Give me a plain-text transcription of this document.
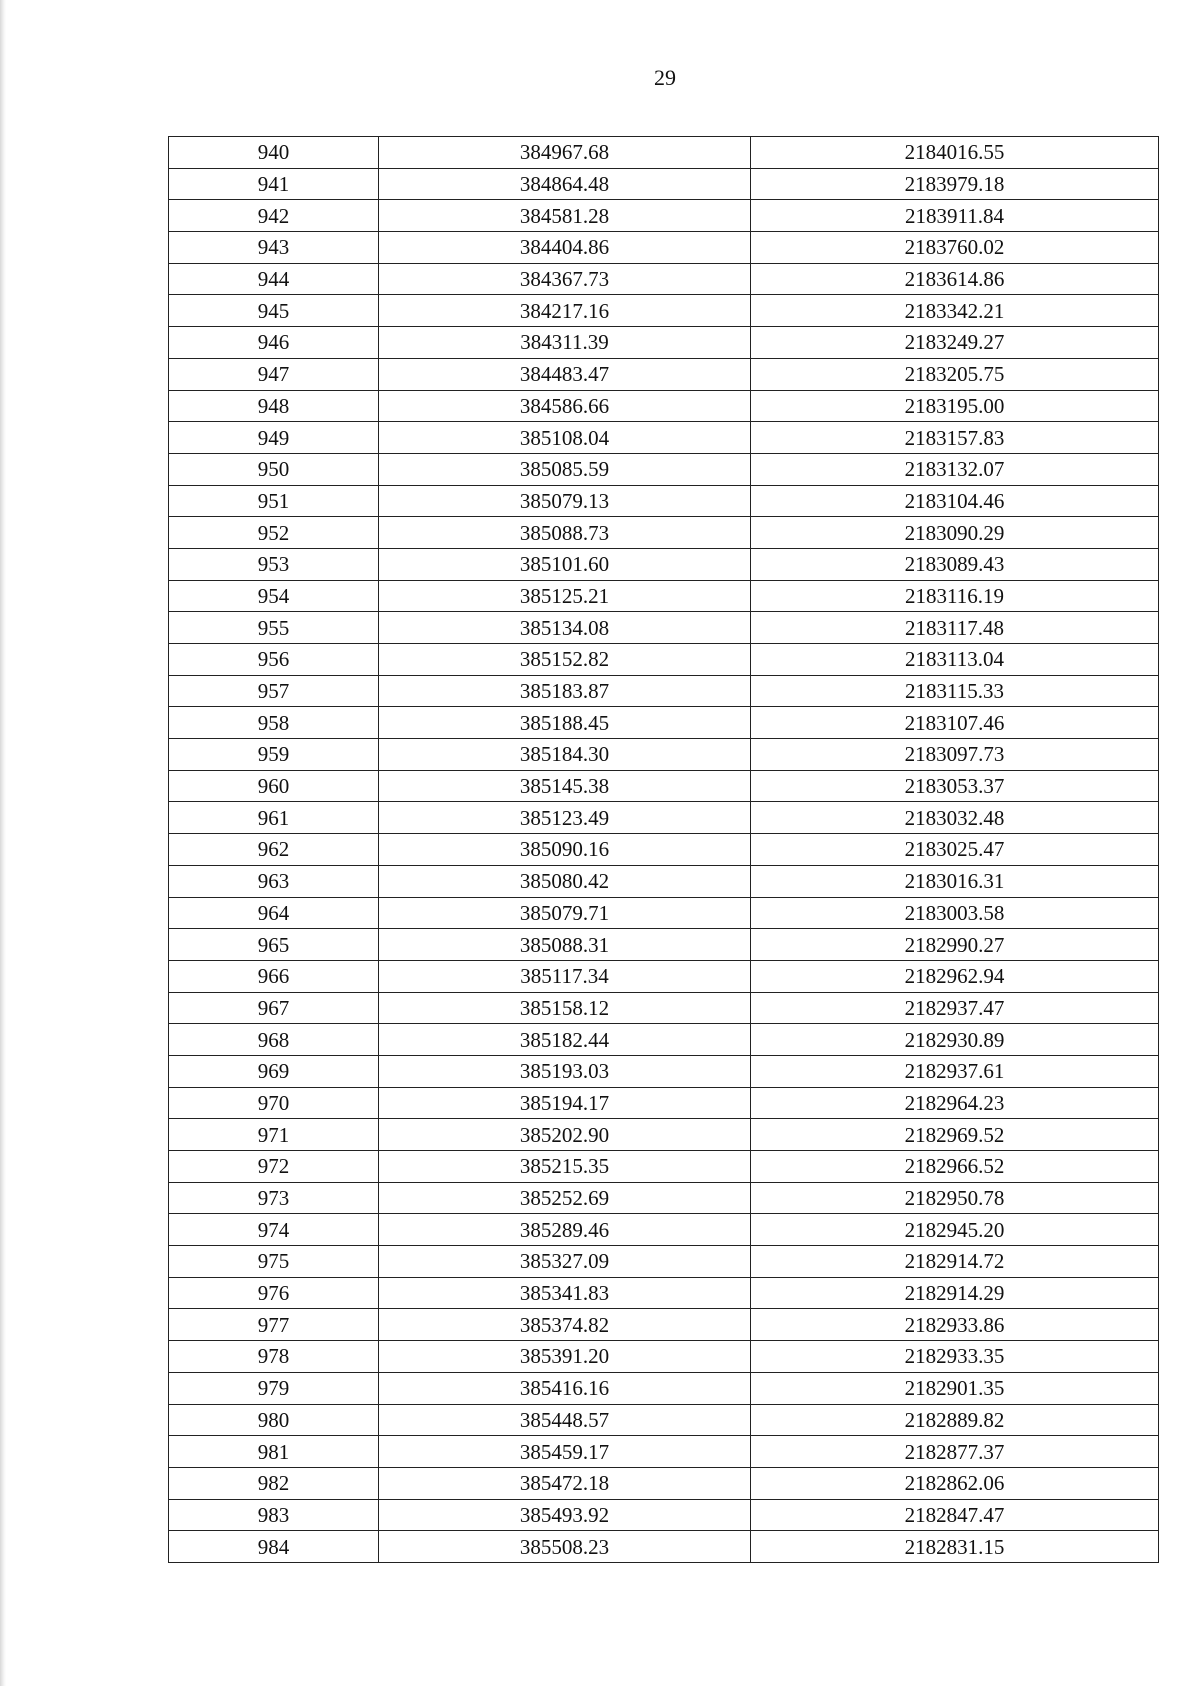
29
940	384967.68	2184016.55
941	384864.48	2183979.18
942	384581.28	2183911.84
943	384404.86	2183760.02
944	384367.73	2183614.86
945	384217.16	2183342.21
946	384311.39	2183249.27
947	384483.47	2183205.75
948	384586.66	2183195.00
949	385108.04	2183157.83
950	385085.59	2183132.07
951	385079.13	2183104.46
952	385088.73	2183090.29
953	385101.60	2183089.43
954	385125.21	2183116.19
955	385134.08	2183117.48
956	385152.82	2183113.04
957	385183.87	2183115.33
958	385188.45	2183107.46
959	385184.30	2183097.73
960	385145.38	2183053.37
961	385123.49	2183032.48
962	385090.16	2183025.47
963	385080.42	2183016.31
964	385079.71	2183003.58
965	385088.31	2182990.27
966	385117.34	2182962.94
967	385158.12	2182937.47
968	385182.44	2182930.89
969	385193.03	2182937.61
970	385194.17	2182964.23
971	385202.90	2182969.52
972	385215.35	2182966.52
973	385252.69	2182950.78
974	385289.46	2182945.20
975	385327.09	2182914.72
976	385341.83	2182914.29
977	385374.82	2182933.86
978	385391.20	2182933.35
979	385416.16	2182901.35
980	385448.57	2182889.82
981	385459.17	2182877.37
982	385472.18	2182862.06
983	385493.92	2182847.47
984	385508.23	2182831.15
